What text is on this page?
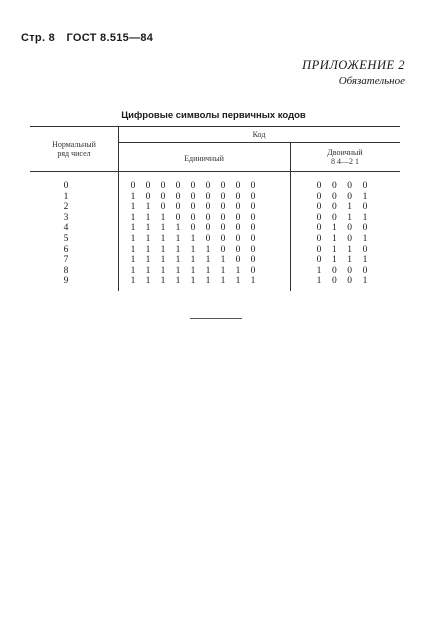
Стр. 8 ГОСТ 8.515—84
ПРИЛОЖЕНИЕ 2
Обязательное
Цифровые символы первичных кодов
Нормальный
ряд чисел
Код
Единичный
Двоичный
8 4—2 1
0	0 0 0 0 0 0 0 0 0	0 0 0 0
1	1 0 0 0 0 0 0 0 0	0 0 0 1
2	1 1 0 0 0 0 0 0 0	0 0 1 0
3	1 1 1 0 0 0 0 0 0	0 0 1 1
4	1 1 1 1 0 0 0 0 0	0 1 0 0
5	1 1 1 1 1 0 0 0 0	0 1 0 1
6	1 1 1 1 1 1 0 0 0	0 1 1 0
7	1 1 1 1 1 1 1 0 0	0 1 1 1
8	1 1 1 1 1 1 1 1 0	1 0 0 0
9	1 1 1 1 1 1 1 1 1	1 0 0 1
